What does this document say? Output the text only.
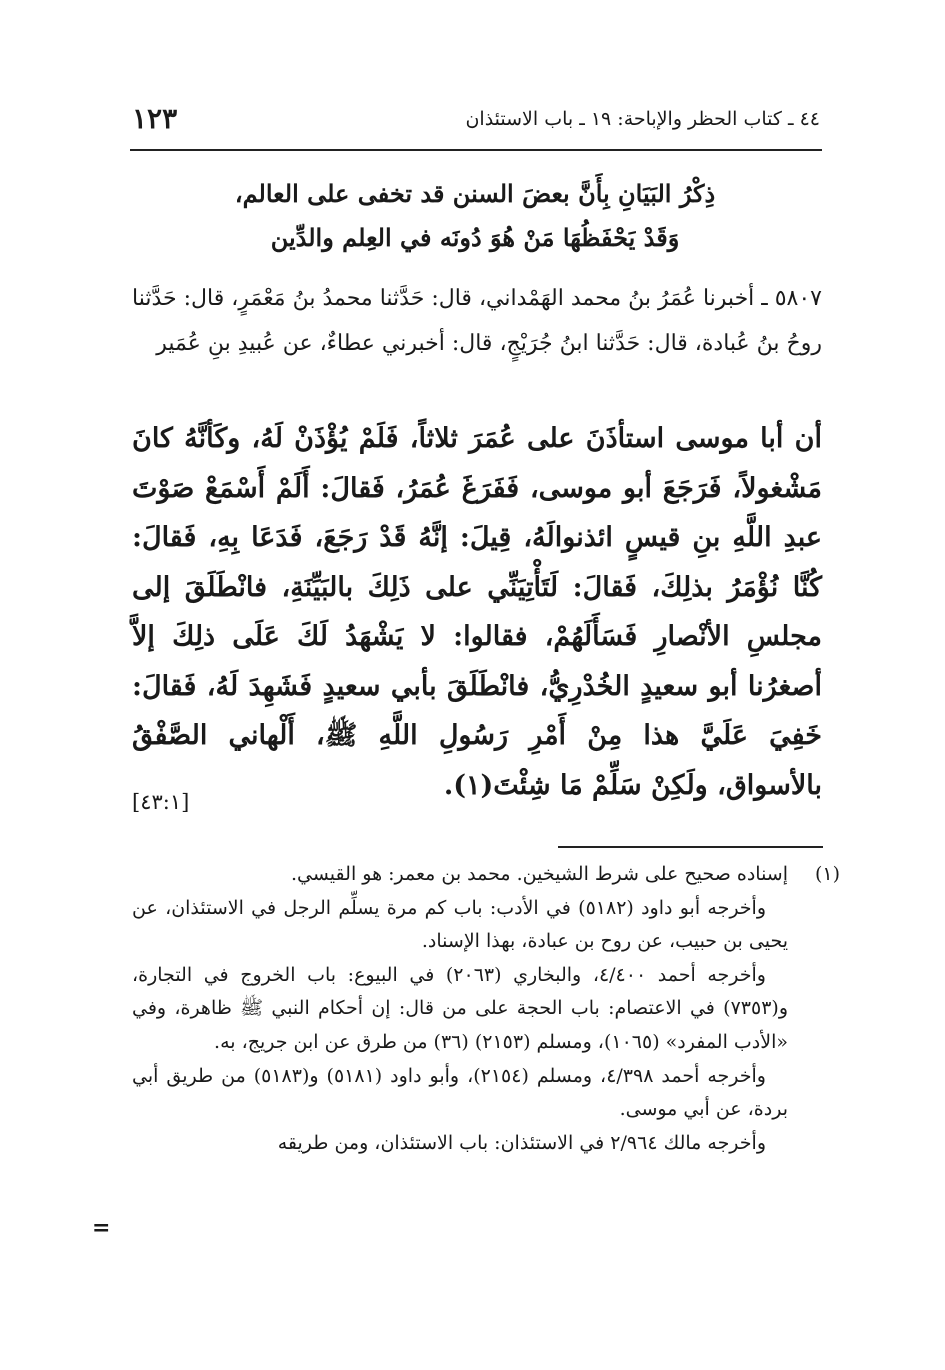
٤٤ ـ كتاب الحظر والإباحة: ١٩ ـ باب الاستئذان
١٢٣
ذِكْرُ البَيَانِ بِأَنَّ بعضَ السنن قد تخفى على العالم،
وَقَدْ يَحْفَظُهَا مَنْ هُوَ دُونَه في العِلم والدِّين
٥٨٠٧ ـ أخبرنا عُمَرُ بنُ محمد الهَمْداني، قال: حَدَّثنا محمدُ بنُ مَعْمَرٍ، قال: حَدَّثنا روحُ بنُ عُبادة، قال: حَدَّثنا ابنُ جُرَيْجٍ، قال: أخبرني عطاءٌ، عن عُبيدِ بنِ عُمَير
أن أبا موسى استأذَنَ على عُمَرَ ثلاثاً، فَلَمْ يُؤْذَنْ لَهُ، وكَأنَّهُ كانَ مَشْغولاً، فَرَجَعَ أبو موسى، فَفَرَغَ عُمَرُ، فَقالَ: أَلَمْ أَسْمَعْ صَوْتَ عبدِ اللَّهِ بنِ قيسٍ ائذنوالَهُ، قِيلَ: إنَّهُ قَدْ رَجَعَ، فَدَعَا بِهِ، فَقالَ: كُنَّا نُؤْمَرُ بذلِكَ، فَقالَ: لَتَأْتِيَنِّي على ذَلِكَ بالبَيِّنَةِ، فانْطَلَقَ إلى مجلسِ الأنْصارِ فَسَأَلَهُمْ، فقالوا: لا يَشْهَدُ لَكَ عَلَى ذلِكَ إلاَّ أصغرُنا أبو سعيدٍ الخُدْرِيُّ، فانْطَلَقَ بأبي سعيدٍ فَشَهِدَ لَهُ، فَقالَ: خَفِيَ عَلَيَّ هذا مِنْ أَمْرِ رَسُولِ اللَّهِ ﷺ، أَلْهاني الصَّفْقُ بالأسواق، ولَكِنْ سَلِّمْ مَا شِئْتَ(١).
[٤٣:١]
(١)

إسناده صحيح على شرط الشيخين. محمد بن معمر: هو القيسي.

وأخرجه أبو داود (٥١٨٢) في الأدب: باب كم مرة يسلِّم الرجل في الاستئذان، عن يحيى بن حبيب، عن روح بن عبادة، بهذا الإسناد.

وأخرجه أحمد ٤/٤٠٠، والبخاري (٢٠٦٣) في البيوع: باب الخروج في التجارة، و(٧٣٥٣) في الاعتصام: باب الحجة على من قال: إن أحكام النبي ﷺ ظاهرة، وفي «الأدب المفرد» (١٠٦٥)، ومسلم (٢١٥٣) (٣٦) من طرق عن ابن جريج، به.

وأخرجه أحمد ٤/٣٩٨، ومسلم (٢١٥٤)، وأبو داود (٥١٨١) و(٥١٨٣) من طريق أبي بردة، عن أبي موسى.

وأخرجه مالك ٢/٩٦٤ في الاستئذان: باب الاستئذان، ومن طريقه

=
